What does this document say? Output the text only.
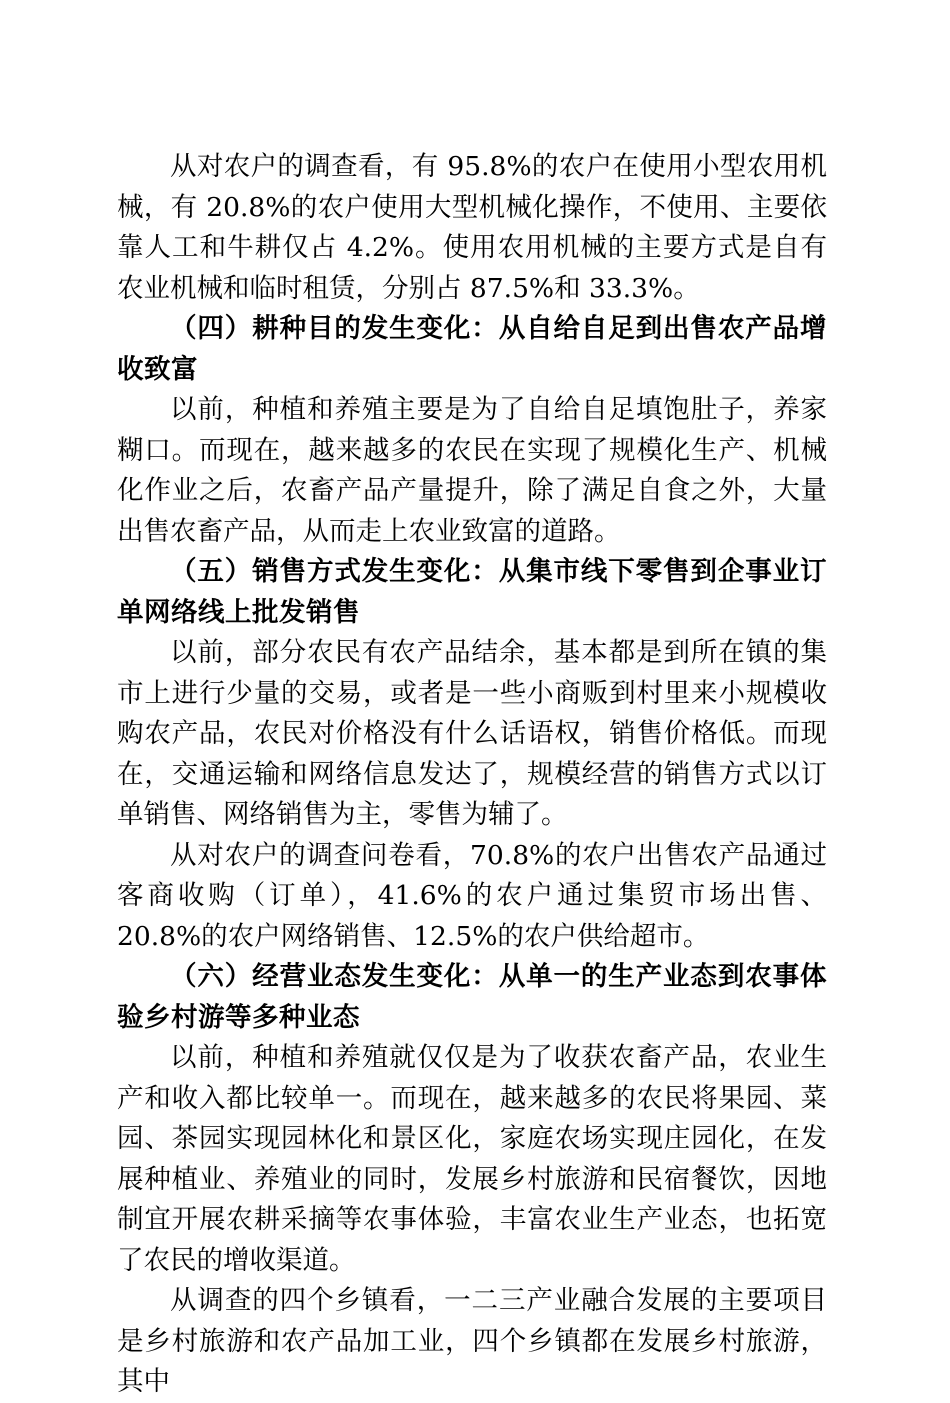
从对农户的调查看，有 95.8%的农户在使用小型农用机械，有 20.8%的农户使用大型机械化操作，不使用、主要依靠人工和牛耕仅占 4.2%。使用农用机械的主要方式是自有农业机械和临时租赁，分别占 87.5%和 33.3%。

（四）耕种目的发生变化：从自给自足到出售农产品增收致富

以前，种植和养殖主要是为了自给自足填饱肚子，养家糊口。而现在，越来越多的农民在实现了规模化生产、机械化作业之后，农畜产品产量提升，除了满足自食之外，大量出售农畜产品，从而走上农业致富的道路。

（五）销售方式发生变化：从集市线下零售到企事业订单网络线上批发销售

以前，部分农民有农产品结余，基本都是到所在镇的集市上进行少量的交易，或者是一些小商贩到村里来小规模收购农产品，农民对价格没有什么话语权，销售价格低。而现在，交通运输和网络信息发达了，规模经营的销售方式以订单销售、网络销售为主，零售为辅了。

从对农户的调查问卷看，70.8%的农户出售农产品通过客商收购（订单），41.6%的农户通过集贸市场出售、20.8%的农户网络销售、12.5%的农户供给超市。

（六）经营业态发生变化：从单一的生产业态到农事体验乡村游等多种业态

以前，种植和养殖就仅仅是为了收获农畜产品，农业生产和收入都比较单一。而现在，越来越多的农民将果园、菜园、茶园实现园林化和景区化，家庭农场实现庄园化，在发展种植业、养殖业的同时，发展乡村旅游和民宿餐饮，因地制宜开展农耕采摘等农事体验，丰富农业生产业态，也拓宽了农民的增收渠道。

从调查的四个乡镇看，一二三产业融合发展的主要项目是乡村旅游和农产品加工业，四个乡镇都在发展乡村旅游，其中
